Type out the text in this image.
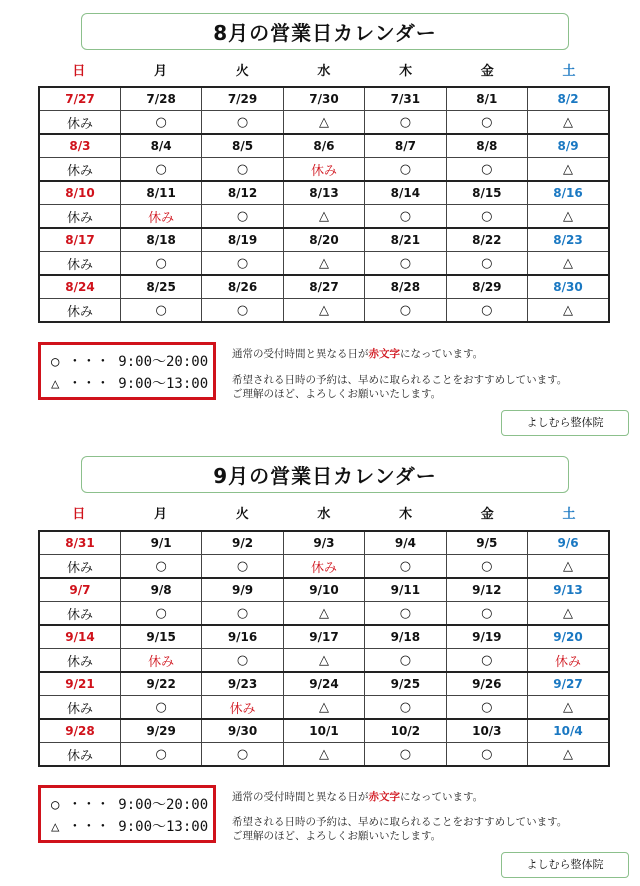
8月の営業日カレンダー
日	月	火	水	木	金	土
7/27	7/28	7/29	7/30	7/31	8/1	8/2
休み	○	○	△	○	○	△
8/3	8/4	8/5	8/6	8/7	8/8	8/9
休み	○	○	休み	○	○	△
8/10	8/11	8/12	8/13	8/14	8/15	8/16
休み	休み	○	△	○	○	△
8/17	8/18	8/19	8/20	8/21	8/22	8/23
休み	○	○	△	○	○	△
8/24	8/25	8/26	8/27	8/28	8/29	8/30
休み	○	○	△	○	○	△
○ ・・・ 9:00～20:00
△ ・・・ 9:00～13:00
通常の受付時間と異なる日が赤文字になっています。
希望される日時の予約は、早めに取られることをおすすめしています。
ご理解のほど、よろしくお願いいたします。
よしむら整体院
9月の営業日カレンダー
日	月	火	水	木	金	土
8/31	9/1	9/2	9/3	9/4	9/5	9/6
休み	○	○	休み	○	○	△
9/7	9/8	9/9	9/10	9/11	9/12	9/13
休み	○	○	△	○	○	△
9/14	9/15	9/16	9/17	9/18	9/19	9/20
休み	休み	○	△	○	○	休み
9/21	9/22	9/23	9/24	9/25	9/26	9/27
休み	○	休み	△	○	○	△
9/28	9/29	9/30	10/1	10/2	10/3	10/4
休み	○	○	△	○	○	△
○ ・・・ 9:00～20:00
△ ・・・ 9:00～13:00
通常の受付時間と異なる日が赤文字になっています。
希望される日時の予約は、早めに取られることをおすすめしています。
ご理解のほど、よろしくお願いいたします。
よしむら整体院
